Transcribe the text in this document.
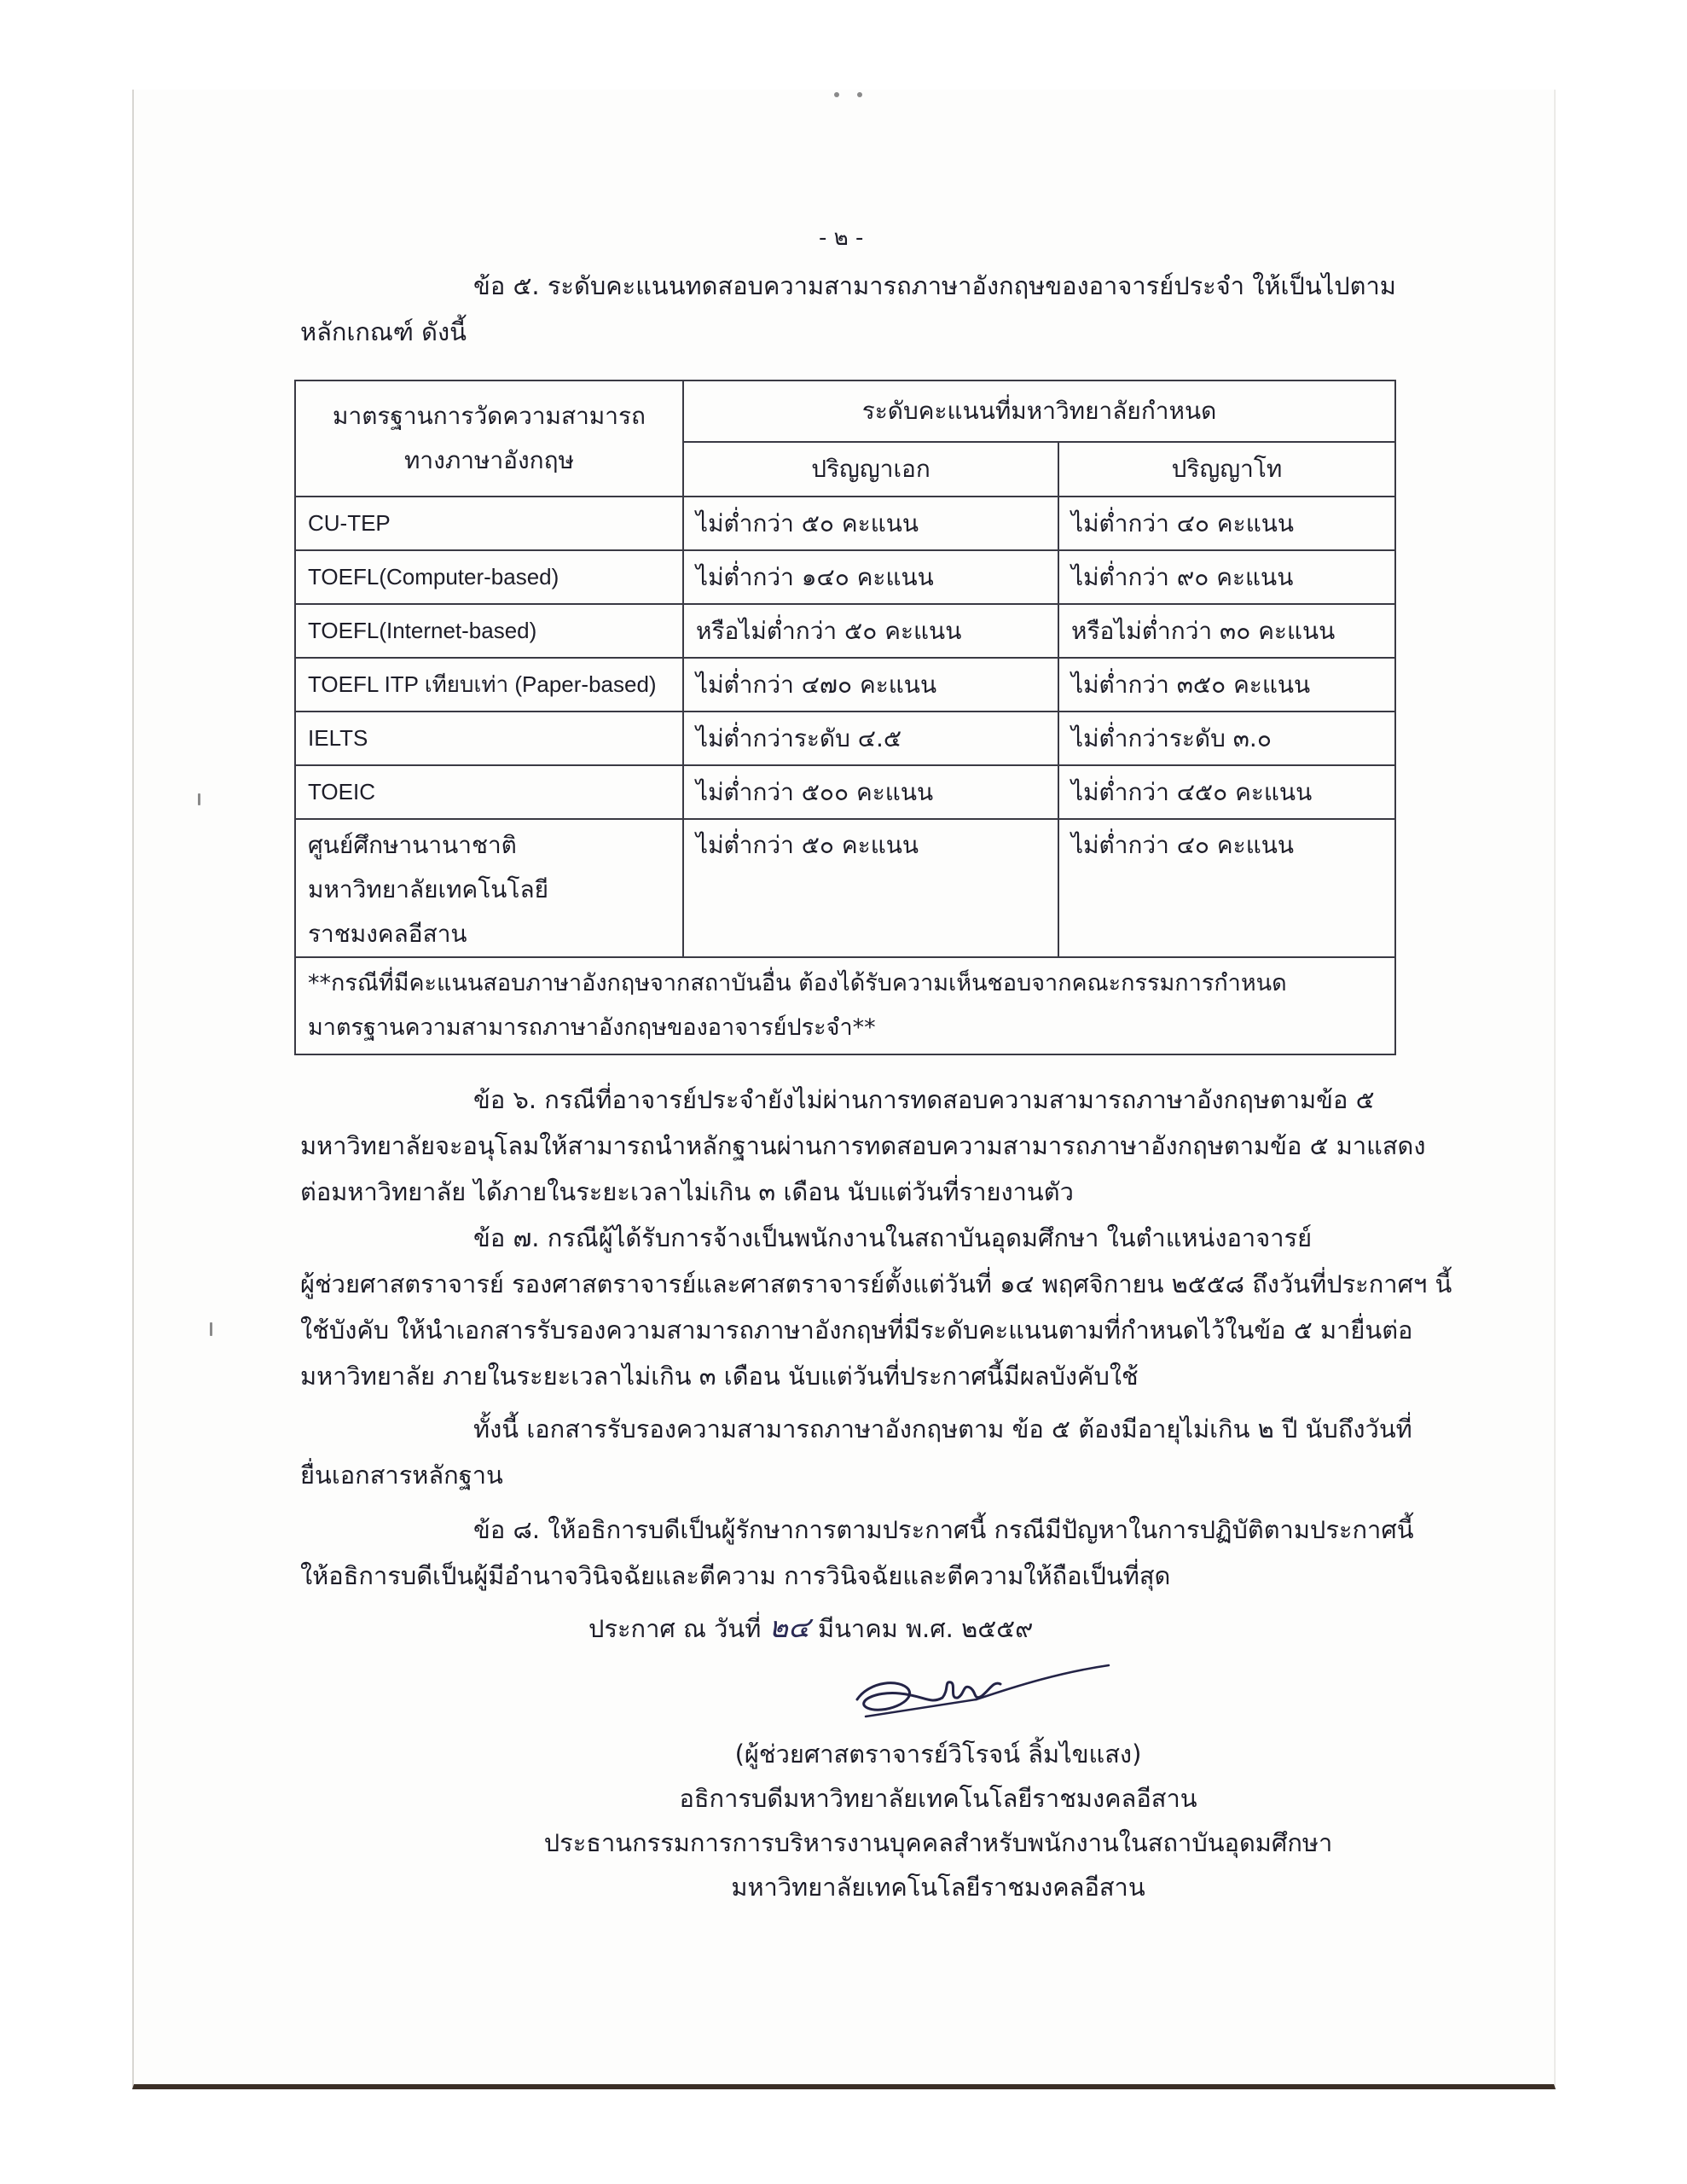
- ๒ -
ข้อ ๕. ระดับคะแนนทดสอบความสามารถภาษาอังกฤษของอาจารย์ประจำ ให้เป็นไปตาม
หลักเกณฑ์ ดังนี้
มาตรฐานการวัดความสามารถ
ทางภาษาอังกฤษ	ระดับคะแนนที่มหาวิทยาลัยกำหนด	
	ปริญญาเอก	ปริญญาโท
CU-TEP	ไม่ต่ำกว่า ๕๐ คะแนน	ไม่ต่ำกว่า ๔๐ คะแนน
TOEFL(Computer-based)	ไม่ต่ำกว่า ๑๔๐ คะแนน	ไม่ต่ำกว่า ๙๐ คะแนน
TOEFL(Internet-based)	หรือไม่ต่ำกว่า ๕๐ คะแนน	หรือไม่ต่ำกว่า ๓๐ คะแนน
TOEFL ITP เทียบเท่า (Paper-based)	ไม่ต่ำกว่า ๔๗๐ คะแนน	ไม่ต่ำกว่า ๓๕๐ คะแนน
IELTS	ไม่ต่ำกว่าระดับ ๔.๕	ไม่ต่ำกว่าระดับ ๓.๐
TOEIC	ไม่ต่ำกว่า ๕๐๐ คะแนน	ไม่ต่ำกว่า ๔๕๐ คะแนน

ศูนย์ศึกษานานาชาติ
มหาวิทยาลัยเทคโนโลยี
ราชมงคลอีสาน	ไม่ต่ำกว่า ๕๐ คะแนน	ไม่ต่ำกว่า ๔๐ คะแนน

**กรณีที่มีคะแนนสอบภาษาอังกฤษจากสถาบันอื่น ต้องได้รับความเห็นชอบจากคณะกรรมการกำหนด
มาตรฐานความสามารถภาษาอังกฤษของอาจารย์ประจำ**		
ข้อ ๖. กรณีที่อาจารย์ประจำยังไม่ผ่านการทดสอบความสามารถภาษาอังกฤษตามข้อ ๕
มหาวิทยาลัยจะอนุโลมให้สามารถนำหลักฐานผ่านการทดสอบความสามารถภาษาอังกฤษตามข้อ ๕ มาแสดง
ต่อมหาวิทยาลัย ได้ภายในระยะเวลาไม่เกิน ๓ เดือน นับแต่วันที่รายงานตัว
ข้อ ๗. กรณีผู้ได้รับการจ้างเป็นพนักงานในสถาบันอุดมศึกษา ในตำแหน่งอาจารย์
ผู้ช่วยศาสตราจารย์ รองศาสตราจารย์และศาสตราจารย์ตั้งแต่วันที่ ๑๔ พฤศจิกายน ๒๕๕๘ ถึงวันที่ประกาศฯ นี้
ใช้บังคับ ให้นำเอกสารรับรองความสามารถภาษาอังกฤษที่มีระดับคะแนนตามที่กำหนดไว้ในข้อ ๕ มายื่นต่อ
มหาวิทยาลัย ภายในระยะเวลาไม่เกิน ๓ เดือน นับแต่วันที่ประกาศนี้มีผลบังคับใช้
ทั้งนี้ เอกสารรับรองความสามารถภาษาอังกฤษตาม ข้อ ๕ ต้องมีอายุไม่เกิน ๒ ปี นับถึงวันที่
ยื่นเอกสารหลักฐาน
ข้อ ๘. ให้อธิการบดีเป็นผู้รักษาการตามประกาศนี้ กรณีมีปัญหาในการปฏิบัติตามประกาศนี้
ให้อธิการบดีเป็นผู้มีอำนาจวินิจฉัยและตีความ การวินิจฉัยและตีความให้ถือเป็นที่สุด
ประกาศ ณ วันที่ ๒๔ มีนาคม พ.ศ. ๒๕๕๙
(ผู้ช่วยศาสตราจารย์วิโรจน์ ลิ้มไขแสง)
อธิการบดีมหาวิทยาลัยเทคโนโลยีราชมงคลอีสาน
ประธานกรรมการการบริหารงานบุคคลสำหรับพนักงานในสถาบันอุดมศึกษา
มหาวิทยาลัยเทคโนโลยีราชมงคลอีสาน
